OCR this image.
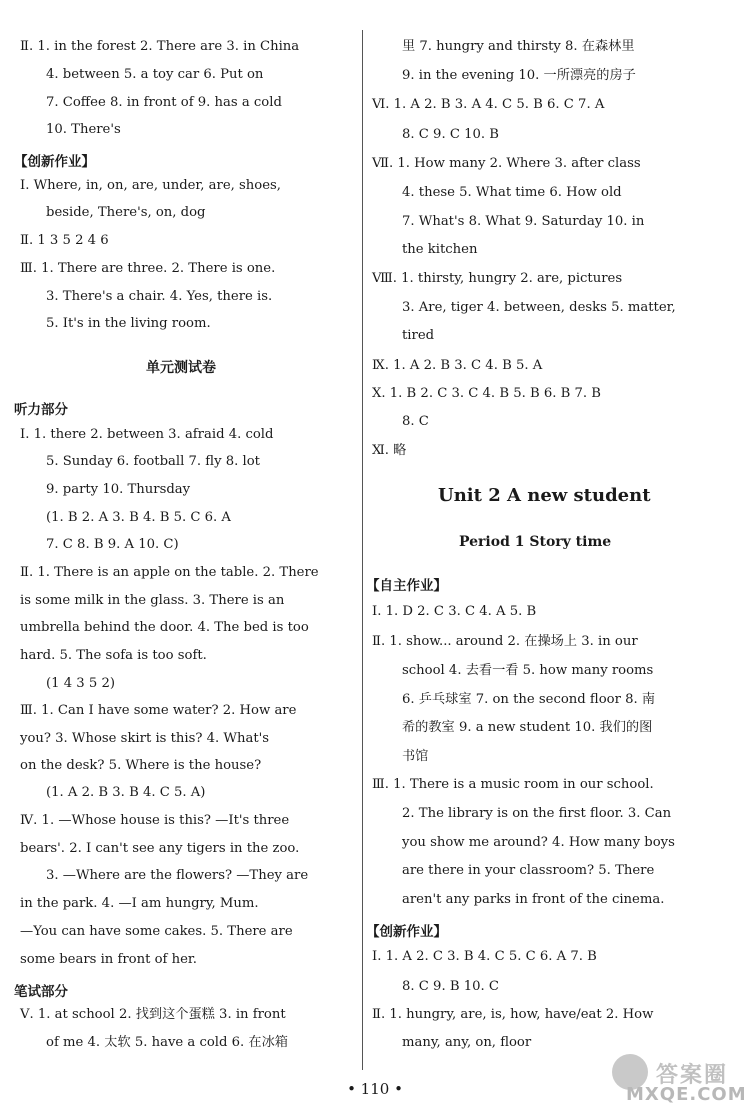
Ⅱ. 1. in the forest 2. There are 3. in China
4. between 5. a toy car 6. Put on
7. Coffee 8. in front of 9. has a cold
10. There's
【创新作业】
Ⅰ. Where, in, on, are, under, are, shoes,
beside, There's, on, dog
Ⅱ. 1 3 5 2 4 6
Ⅲ. 1. There are three. 2. There is one.
3. There's a chair. 4. Yes, there is.
5. It's in the living room.
单元测试卷
听力部分
Ⅰ. 1. there 2. between 3. afraid 4. cold
5. Sunday 6. football 7. fly 8. lot
9. party 10. Thursday
(1. B 2. A 3. B 4. B 5. C 6. A
7. C 8. B 9. A 10. C)
Ⅱ. 1. There is an apple on the table. 2. There
is some milk in the glass. 3. There is an
umbrella behind the door. 4. The bed is too
hard. 5. The sofa is too soft.
(1 4 3 5 2)
Ⅲ. 1. Can I have some water? 2. How are
you? 3. Whose skirt is this? 4. What's
on the desk? 5. Where is the house?
(1. A 2. B 3. B 4. C 5. A)
Ⅳ. 1. —Whose house is this? —It's three
bears'. 2. I can't see any tigers in the zoo.
3. —Where are the flowers? —They are
in the park. 4. —I am hungry, Mum.
—You can have some cakes. 5. There are
some bears in front of her.
笔试部分
Ⅴ. 1. at school 2. 找到这个蛋糕 3. in front
of me 4. 太软 5. have a cold 6. 在冰箱
里 7. hungry and thirsty 8. 在森林里
9. in the evening 10. 一所漂亮的房子
Ⅵ. 1. A 2. B 3. A 4. C 5. B 6. C 7. A
8. C 9. C 10. B
Ⅶ. 1. How many 2. Where 3. after class
4. these 5. What time 6. How old
7. What's 8. What 9. Saturday 10. in
the kitchen
Ⅷ. 1. thirsty, hungry 2. are, pictures
3. Are, tiger 4. between, desks 5. matter,
tired
Ⅸ. 1. A 2. B 3. C 4. B 5. A
Ⅹ. 1. B 2. C 3. C 4. B 5. B 6. B 7. B
8. C
Ⅺ. 略
Unit 2 A new student
Period 1 Story time
【自主作业】
Ⅰ. 1. D 2. C 3. C 4. A 5. B
Ⅱ. 1. show... around 2. 在操场上 3. in our
school 4. 去看一看 5. how many rooms
6. 乒乓球室 7. on the second floor 8. 南
希的教室 9. a new student 10. 我们的图
书馆
Ⅲ. 1. There is a music room in our school.
2. The library is on the first floor. 3. Can
you show me around? 4. How many boys
are there in your classroom? 5. There
aren't any parks in front of the cinema.
【创新作业】
Ⅰ. 1. A 2. C 3. B 4. C 5. C 6. A 7. B
8. C 9. B 10. C
Ⅱ. 1. hungry, are, is, how, have/eat 2. How
many, any, on, floor
• 110 •
答案圈
MXQE.COM
